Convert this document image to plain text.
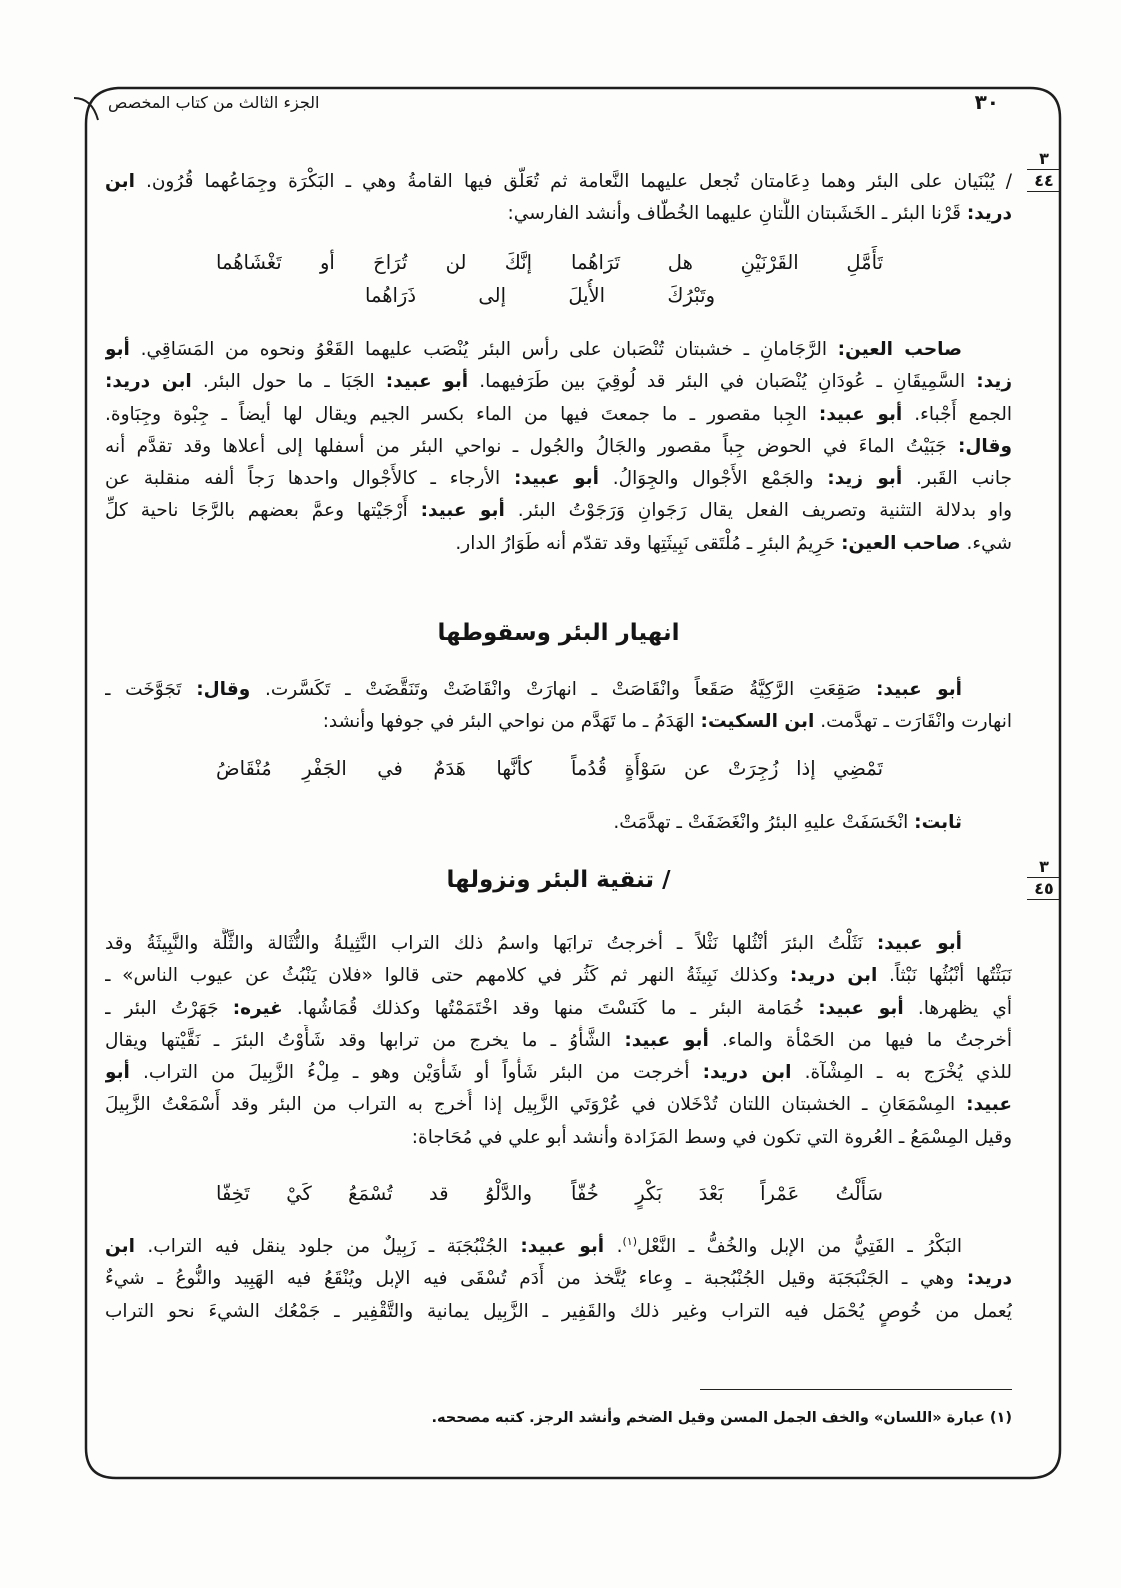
٣٠
الجزء الثالث من كتاب المخصص
٣
٤٤
٣
٤٥
/ يُبْنَيان على البئر وهما دِعَامتان تُجعل عليهما النَّعامة ثم تُعَلّق فيها القامةُ وهي ـ البَكْرَة وجِمَاعُهما قُرُون. ابن
دريد: قَرْنا البئر ـ الخَشَبتان اللَّتانِ عليهما الخُطّاف وأنشد الفارسي:
تَأَمَّلِ القَرْنَيْنِ هل تَرَاهُما
إنَّكَ لن تُرَاحَ أو تَغْشَاهُما
وتَبْرُكَ الأُيلَ إلى ذَرَاهُما
صاحب العين: الرَّجَامانِ ـ خشبتان تُنْصَبان على رأس البئر يُنْصَب عليهما القَعْوُ ونحوه من المَسَاقِي. أبو
زيد: السَّمِيقَانِ ـ عُودَانِ يُنْصَبان في البئر قد لُوقِيَ بين طَرَفيهما. أبو عبيد: الجَبَا ـ ما حول البئر. ابن دريد:
الجمع أَجْباء. أبو عبيد: الجِبا مقصور ـ ما جمعتَ فيها من الماء بكسر الجيم ويقال لها أيضاً ـ جِبْوة وجِبَاوة.
وقال: جَبَيْتُ الماءَ في الحوض جِباً مقصور والجَالُ والجُول ـ نواحي البئر من أسفلها إلى أعلاها وقد تقدَّم أنه
جانب القَبر. أبو زيد: والجَمْع الأَجْوال والجِوَالُ. أبو عبيد: الأرجاء ـ كالأَجْوال واحدها رَجاً ألفه منقلبة عن
واو بدلالة التثنية وتصريف الفعل يقال رَجَوانِ وَرَجَوْتُ البئر. أبو عبيد: أَرْجَيْتها وعمَّ بعضهم بالرَّجَا ناحية كلِّ
شيء. صاحب العين: حَرِيمُ البئرِ ـ مُلْتَقى نَبِيثَتِها وقد تقدّم أنه طَوَارُ الدار.
انهيار البئر وسقوطها
أبو عبيد: صَقِعَتِ الرَّكِيَّةُ صَقَعاً وانْقَاصَتْ ـ انهارَتْ وانْقَاضَتْ وتَنَقَّضَتْ ـ تَكَسَّرت. وقال: تَجَوَّخَت ـ
انهارت وانْقَارَت ـ تهدَّمت. ابن السكيت: الهَدَمُ ـ ما تَهَدَّم من نواحي البئر في جوفها وأنشد:
تَمْضِي إذا زُجِرَتْ عن سَوْأَةٍ قُدُماً
كأنَّها هَدَمٌ في الجَفْرِ مُنْقَاضُ
ثابت: انْخَسَفَتْ عليهِ البئرُ وانْغَضَفَتْ ـ تهدَّمَتْ.
/ تنقية البئر ونزولها
أبو عبيد: نَثَلْتُ البئرَ أنْثُلها نَثْلاً ـ أخرجتُ ترابَها واسمُ ذلك التراب النَّثِيلةُ والنُّثَالة والثَّلَّة والنَّبِيثَةُ وقد
نَبَثْتُها أنْبُثُها نَبْثاً. ابن دريد: وكذلك نَبِيثَةُ النهر ثم كَثُر في كلامهم حتى قالوا «فلان يَنْبُثُ عن عيوب الناس» ـ
أي يظهرها. أبو عبيد: خُمَامة البئر ـ ما كَنَسْتَ منها وقد اخْتَمَمْتُها وكذلك قُمَاشُها. غيره: جَهَرْتُ البئر ـ
أخرجتُ ما فيها من الحَمْأة والماء. أبو عبيد: الشَّأْوُ ـ ما يخرج من ترابها وقد شَأَوْتُ البئرَ ـ نَقَّيْتها ويقال
للذي يُخْرَج به ـ المِشْآة. ابن دريد: أخرجت من البئر شَأْواً أو شَأْوَيْن وهو ـ مِلْءُ الزَّبِيلَ من التراب. أبو
عبيد: المِسْمَعَانِ ـ الخشبتان اللتان تُدْخَلان في عُرْوَتَي الزَّبِيل إذا أُخرج به التراب من البئر وقد أَسْمَعْتُ الزَّبِيلَ
وقيل المِسْمَعُ ـ العُروة التي تكون في وسط المَزَادة وأنشد أبو علي في مُحَاجاة:
سَأَلْتُ عَمْراً بَعْدَ بَكْرٍ خُفّاً
والدَّلْوُ قد تُسْمَعُ كَيْ تَخِفّا
البَكْرُ ـ الفَتِيُّ من الإبل والخُفُّ ـ النَّعْل$^{(١)}$. أبو عبيد: الجُنْبُجَبَة ـ زَبِيلٌ من جلود ينقل فيه التراب. ابن
دريد: وهي ـ الجَنْبَجَبَة وقيل الجُنْبُجبة ـ وِعاء يُتَّخذ من أَدَم تُسْقَى فيه الإبل ويُنْقَعُ فيه الهَبِيد والنُّوعُ ـ شيءٌ
يُعمل من خُوصٍ يُحْمَل فيه التراب وغير ذلك والقَفِير ـ الزَّبِيل يمانية والتَّقْفِير ـ جَمْعُك الشيءَ نحو التراب
(١) عبارة «اللسان» والخف الجمل المسن وقيل الضخم وأنشد الرجز. كتبه مصححه.
